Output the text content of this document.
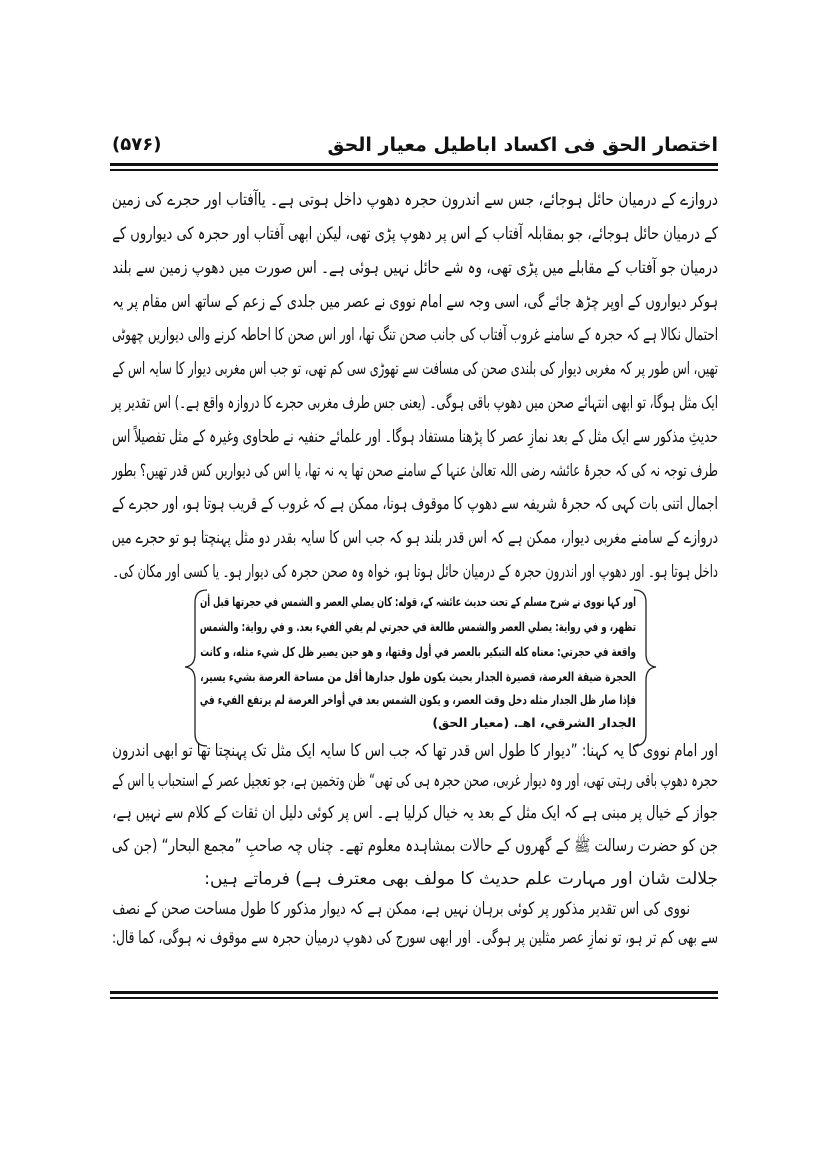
اختصار الحق فی اکساد اباطیل معیار الحق
(۵۷۶)
دروازے کے درمیان حائل ہوجائے، جس سے اندرون حجرہ دھوپ داخل ہوتی ہے۔ یاآفتاب اور حجرے کی زمین
کے درمیان حائل ہوجائے، جو بمقابلہ آفتاب کے اس پر دھوپ پڑی تھی، لیکن ابھی آفتاب اور حجرہ کی دیواروں کے
درمیان جو آفتاب کے مقابلے میں پڑی تھی، وہ شے حائل نہیں ہوئی ہے۔ اس صورت میں دھوپ زمین سے بلند
ہوکر دیواروں کے اوپر چڑھ جائے گی، اسی وجہ سے امام نووی نے عصر میں جلدی کے زعم کے ساتھ اس مقام پر یہ
احتمال نکالا ہے کہ حجرہ کے سامنے غروب آفتاب کی جانب صحن تنگ تھا، اور اس صحن کا احاطہ کرنے والی دیواریں چھوٹی
تھیں، اس طور پر کہ مغربی دیوار کی بلندی صحن کی مسافت سے تھوڑی سی کم تھی، تو جب اس مغربی دیوار کا سایہ اس کے
ایک مثل ہوگا، تو ابھی انتہائے صحن میں دھوپ باقی ہوگی۔ (یعنی جس طرف مغربی حجرے کا دروازہ واقع ہے۔) اس تقدیر پر
حدیثِ مذکور سے ایک مثل کے بعد نمازِ عصر کا پڑھنا مستفاد ہوگا۔ اور علمائے حنفیہ نے طحاوی وغیرہ کے مثل تفصیلاً اس
طرف توجہ نہ کی کہ حجرۂ عائشہ رضی اللہ تعالیٰ عنہا کے سامنے صحن تھا یہ نہ تھا، یا اس کی دیواریں کس قدر تھیں؟ بطور
اجمال اتنی بات کہی کہ حجرۂ شریفہ سے دھوپ کا موقوف ہونا، ممکن ہے کہ غروب کے قریب ہوتا ہو، اور حجرے کے
دروازے کے سامنے مغربی دیوار، ممکن ہے کہ اس قدر بلند ہو کہ جب اس کا سایہ بقدر دو مثل پہنچتا ہو تو حجرے میں
داخل ہوتا ہو۔ اور دھوپ اور اندرون حجرہ کے درمیان حائل ہوتا ہو، خواہ وہ صحن حجرہ کی دیوار ہو۔ یا کسی اور مکان کی۔
اور کہا نووی نے شرح مسلم کے تحت حدیث عائشہ کے، قوله: كان يصلي العصر و الشمس في حجرتها قبل أن
تظهر، و في رواية: يصلي العصر والشمس طالعة في حجرتي لم يفي الفيء بعد. و في رواية: والشمس
واقعة في حجرتي: معناه كله التبكير بالعصر في أول وقتها، و هو حين يصير ظل كل شيء مثله، و كانت
الحجرة ضيقة العرصة، قصيرة الجدار بحيث يكون طول جدارها أقل من مساحة العرصة بشيء يسير،
فإذا صار ظل الجدار مثله دخل وقت العصر، و يكون الشمس بعد في أواخر العرصة لم يرتفع الفيء في
الجدار الشرقي، اهـ. (معیار الحق)
اور امام نووی کا یہ کہنا: ”دیوار کا طول اس قدر تھا کہ جب اس کا سایہ ایک مثل تک پہنچتا تھا تو ابھی اندرون
حجرہ دھوپ باقی رہتی تھی، اور وہ دیوار غربی، صحن حجرہ ہی کی تھی“ ظن وتخمین ہے، جو تعجیل عصر کے استحباب یا اس کے
جواز کے خیال پر مبنی ہے کہ ایک مثل کے بعد یہ خیال کرلیا ہے۔ اس پر کوئی دلیل ان ثقات کے کلام سے نہیں ہے،
جن کو حضرت رسالت ﷺ کے گھروں کے حالات بمشاہدہ معلوم تھے۔ چناں چہ صاحبِ ”مجمع البحار“ (جن کی
جلالت شان اور مہارت علم حدیث کا مولف بھی معترف ہے) فرماتے ہیں:
نووی کی اس تقدیر مذکور پر کوئی برہان نہیں ہے، ممکن ہے کہ دیوار مذکور کا طول مساحت صحن کے نصف
سے بھی کم تر ہو، تو نمازِ عصر مثلین پر ہوگی۔ اور ابھی سورج کی دھوپ درمیان حجرہ سے موقوف نہ ہوگی، کما قال:
